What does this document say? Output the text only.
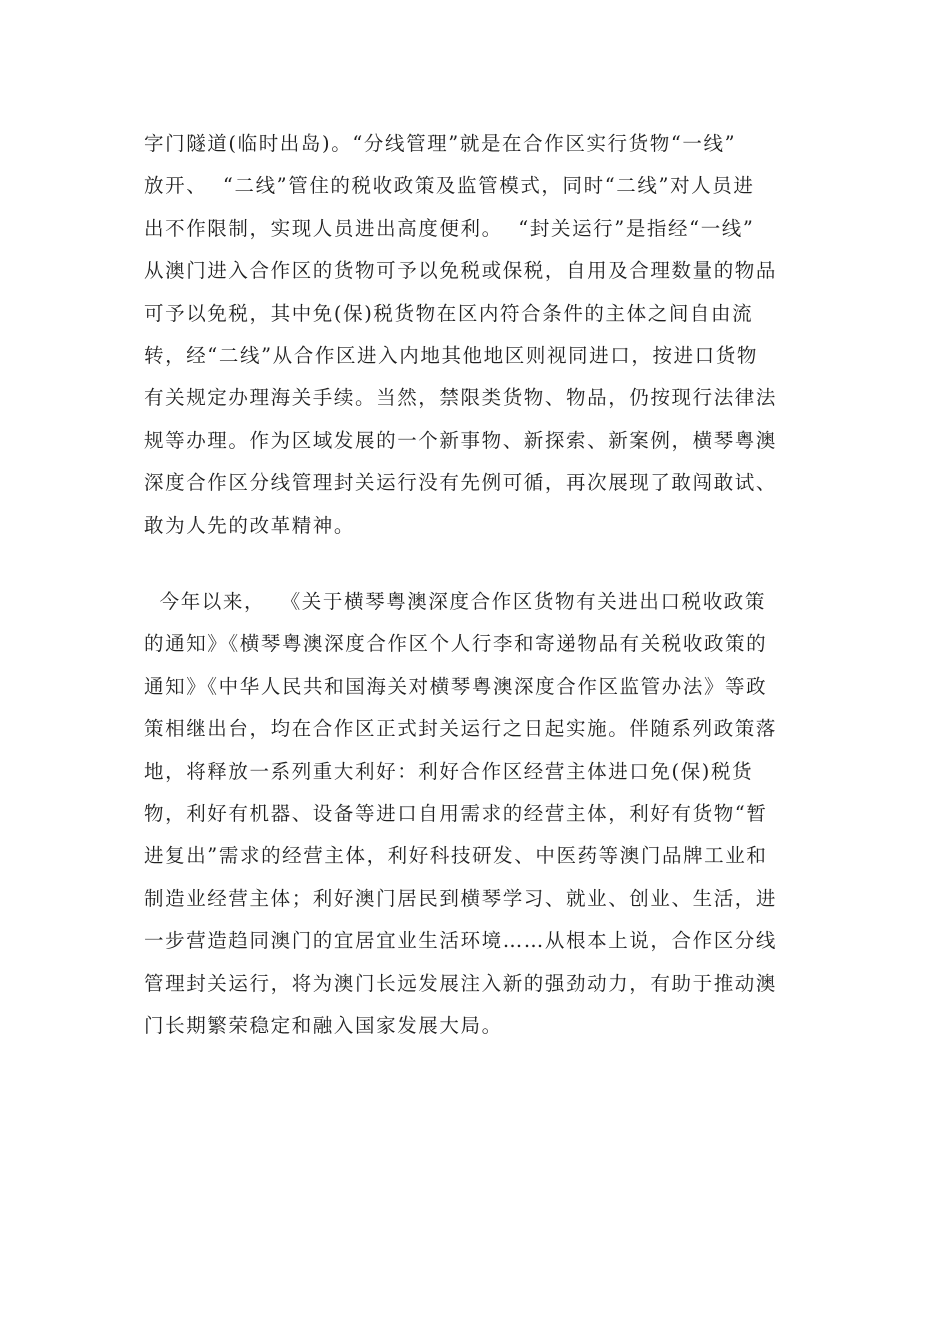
字门隧道(临时出岛)。“分线管理”就是在合作区实行货物“一线”
放开、  “二线”管住的税收政策及监管模式，同时“二线”对人员进
出不作限制，实现人员进出高度便利。  “封关运行”是指经“一线”
从澳门进入合作区的货物可予以免税或保税，自用及合理数量的物品
可予以免税，其中免(保)税货物在区内符合条件的主体之间自由流
转，经“二线”从合作区进入内地其他地区则视同进口，按进口货物
有关规定办理海关手续。当然，禁限类货物、物品，仍按现行法律法
规等办理。作为区域发展的一个新事物、新探索、新案例，横琴粤澳
深度合作区分线管理封关运行没有先例可循，再次展现了敢闯敢试、
敢为人先的改革精神。

今年以来，  《关于横琴粤澳深度合作区货物有关进出口税收政策
的通知》《横琴粤澳深度合作区个人行李和寄递物品有关税收政策的
通知》《中华人民共和国海关对横琴粤澳深度合作区监管办法》等政
策相继出台，均在合作区正式封关运行之日起实施。伴随系列政策落
地，将释放一系列重大利好：利好合作区经营主体进口免(保)税货
物，利好有机器、设备等进口自用需求的经营主体，利好有货物“暂
进复出”需求的经营主体，利好科技研发、中医药等澳门品牌工业和
制造业经营主体；利好澳门居民到横琴学习、就业、创业、生活，进
一步营造趋同澳门的宜居宜业生活环境……从根本上说，合作区分线
管理封关运行，将为澳门长远发展注入新的强劲动力，有助于推动澳
门长期繁荣稳定和融入国家发展大局。
